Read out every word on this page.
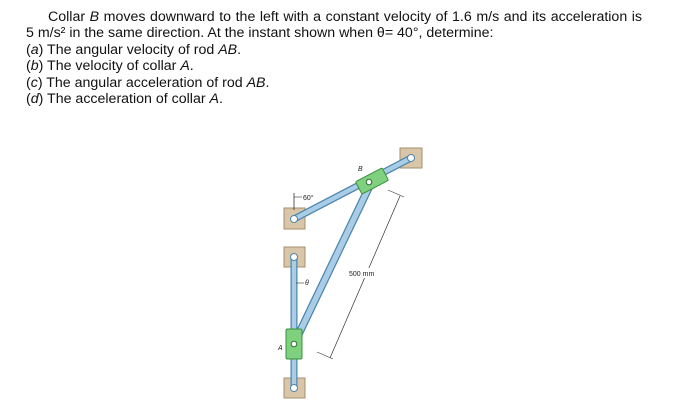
Collar B moves downward to the left with a constant velocity of 1.6 m/s and its acceleration is 5 m/s² in the same direction. At the instant shown when θ= 40°, determine:

(a) The angular velocity of rod AB.
(b) The velocity of collar A.
(c) The angular acceleration of rod AB.
(d) The acceleration of collar A.
60°
θ
500 mm
A
B
